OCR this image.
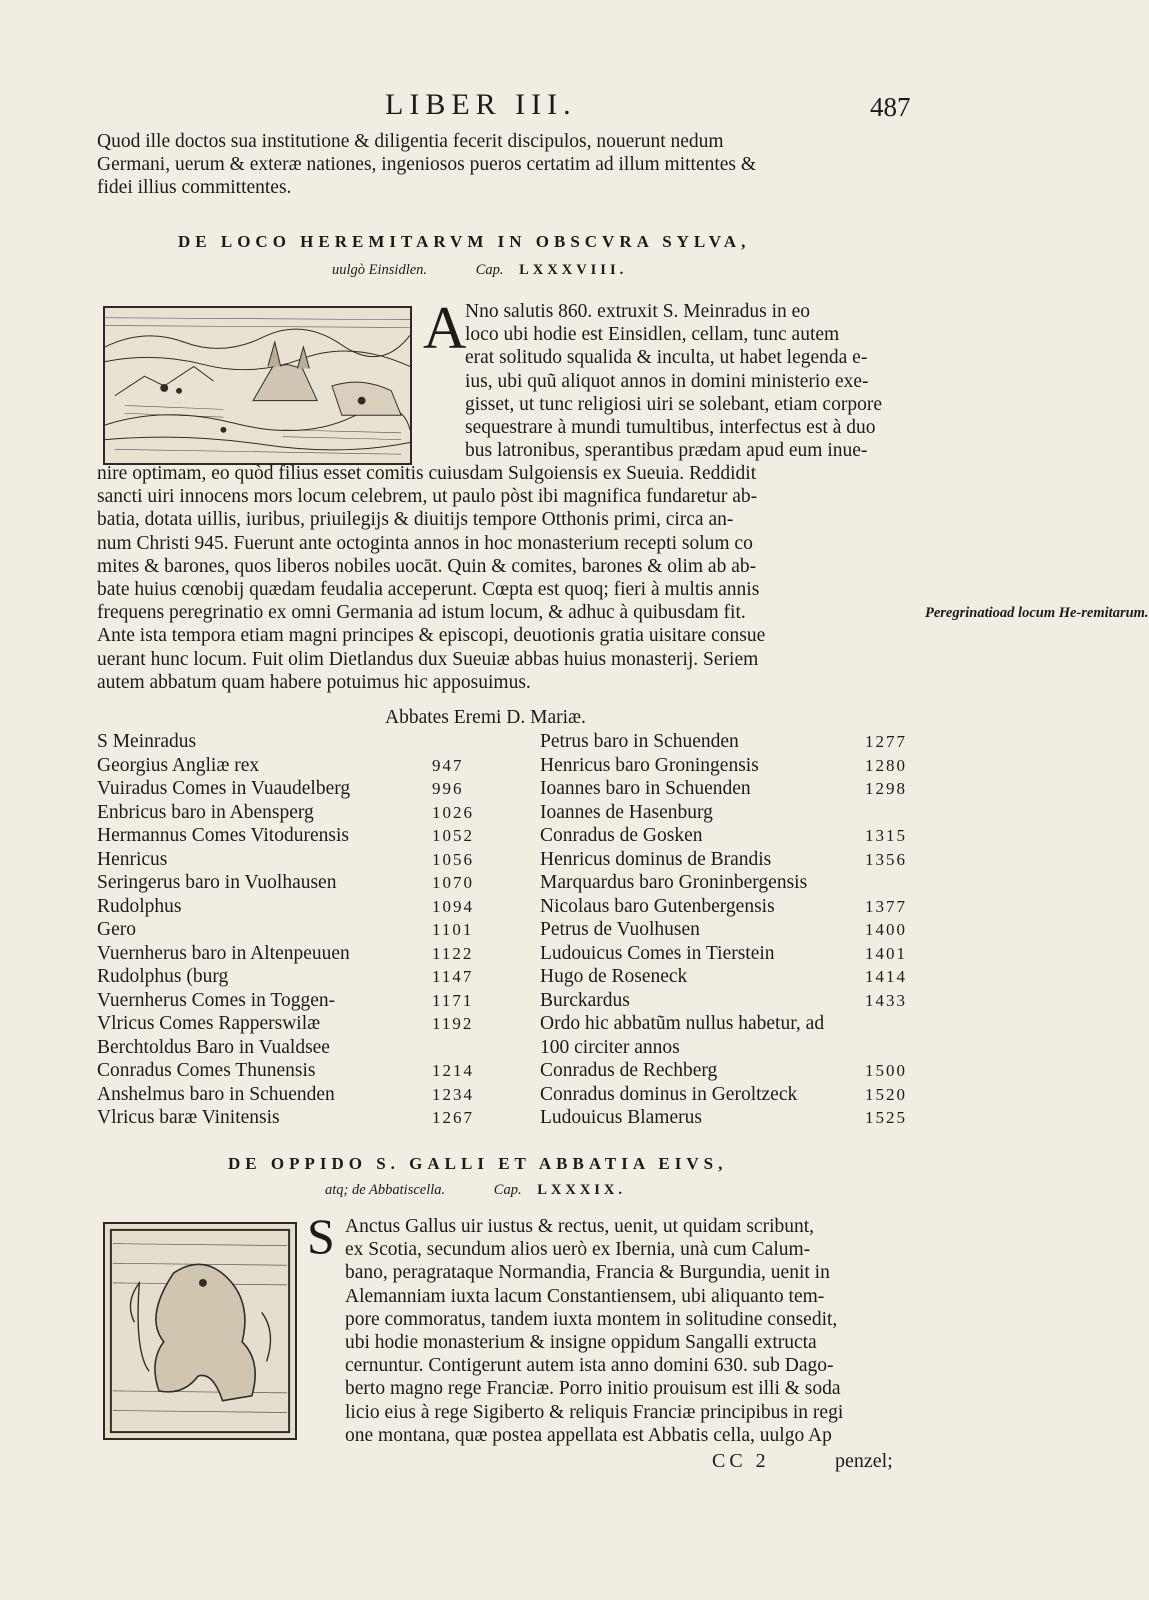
LIBER III.	487
Quod ille doctos sua institutione & diligentia fecerit discipulos, nouerunt nedum
Germani, uerum & exteræ nationes, ingeniosos pueros certatim ad illum mittentes &
fidei illius committentes.
DE LOCO HEREMITARVM IN OBSCVRA SYLVA,
uulgò Einsidlen.	Cap. LXXXVIII.
A
Nno salutis 860. extruxit S. Meinradus in eo
loco ubi hodie est Einsidlen, cellam, tunc autem
erat solitudo squalida & inculta, ut habet legenda e-
ius, ubi quũ aliquot annos in domini ministerio exe-
gisset, ut tunc religiosi uiri se solebant, etiam corpore
sequestrare à mundi tumultibus, interfectus est à duo
bus latronibus, sperantibus prædam apud eum inue-
nire optimam, eo quòd filius esset comitis cuiusdam Sulgoiensis ex Sueuia. Reddidit
sancti uiri innocens mors locum celebrem, ut paulo pòst ibi magnifica fundaretur ab-
batia, dotata uillis, iuribus, priuilegijs & diuitijs tempore Otthonis primi, circa an-
num Christi 945. Fuerunt ante octoginta annos in hoc monasterium recepti solum co
mites & barones, quos liberos nobiles uocāt. Quin & comites, barones & olim ab ab-
bate huius cœnobij quædam feudalia acceperunt. Cœpta est quoq; fieri à multis annis
frequens peregrinatio ex omni Germania ad istum locum, & adhuc à quibusdam fit.
Ante ista tempora etiam magni principes & episcopi, deuotionis gratia uisitare consue
uerant hunc locum. Fuit olim Dietlandus dux Sueuiæ abbas huius monasterij. Seriem
autem abbatum quam habere potuimus hic apposuimus.
Peregrinatioad locum He-remitarum.
Abbates Eremi D. Mariæ.
S Meinradus
Georgius Angliæ rex	947
Vuiradus Comes in Vuaudelberg	996
Enbricus baro in Abensperg	1026
Hermannus Comes Vitodurensis	1052
Henricus	1056
Seringerus baro in Vuolhausen	1070
Rudolphus	1094
Gero	1101
Vuernherus baro in Altenpeuuen	1122
Rudolphus (burg	1147
Vuernherus Comes in Toggen-	1171
Vlricus Comes Rapperswilæ	1192
Berchtoldus Baro in Vualdsee
Conradus Comes Thunensis	1214
Anshelmus baro in Schuenden	1234
Vlricus baræ Vinitensis	1267
Petrus baro in Schuenden	1277
Henricus baro Groningensis	1280
Ioannes baro in Schuenden	1298
Ioannes de Hasenburg
Conradus de Gosken	1315
Henricus dominus de Brandis	1356
Marquardus baro Groninbergensis
Nicolaus baro Gutenbergensis	1377
Petrus de Vuolhusen	1400
Ludouicus Comes in Tierstein	1401
Hugo de Roseneck	1414
Burckardus	1433
Ordo hic abbatũm nullus habetur, ad
100 circiter annos
Conradus de Rechberg	1500
Conradus dominus in Geroltzeck	1520
Ludouicus Blamerus	1525
DE OPPIDO S. GALLI ET ABBATIA EIVS,
atq; de Abbatiscella.	Cap. LXXXIX.
S Anctus Gallus uir iustus & rectus, uenit, ut quidam scribunt,
ex Scotia, secundum alios uerò ex Ibernia, unà cum Calum-
bano, peragrataque Normandia, Francia & Burgundia, uenit in
Alemanniam iuxta lacum Constantiensem, ubi aliquanto tem-
pore commoratus, tandem iuxta montem in solitudine consedit,
ubi hodie monasterium & insigne oppidum Sangalli extructa
cernuntur. Contigerunt autem ista anno domini 630. sub Dago-
berto magno rege Franciæ. Porro initio prouisum est illi & soda
licio eius à rege Sigiberto & reliquis Franciæ principibus in regi
one montana, quæ postea appellata est Abbatis cella, uulgo Ap
CC 2	penzel;
